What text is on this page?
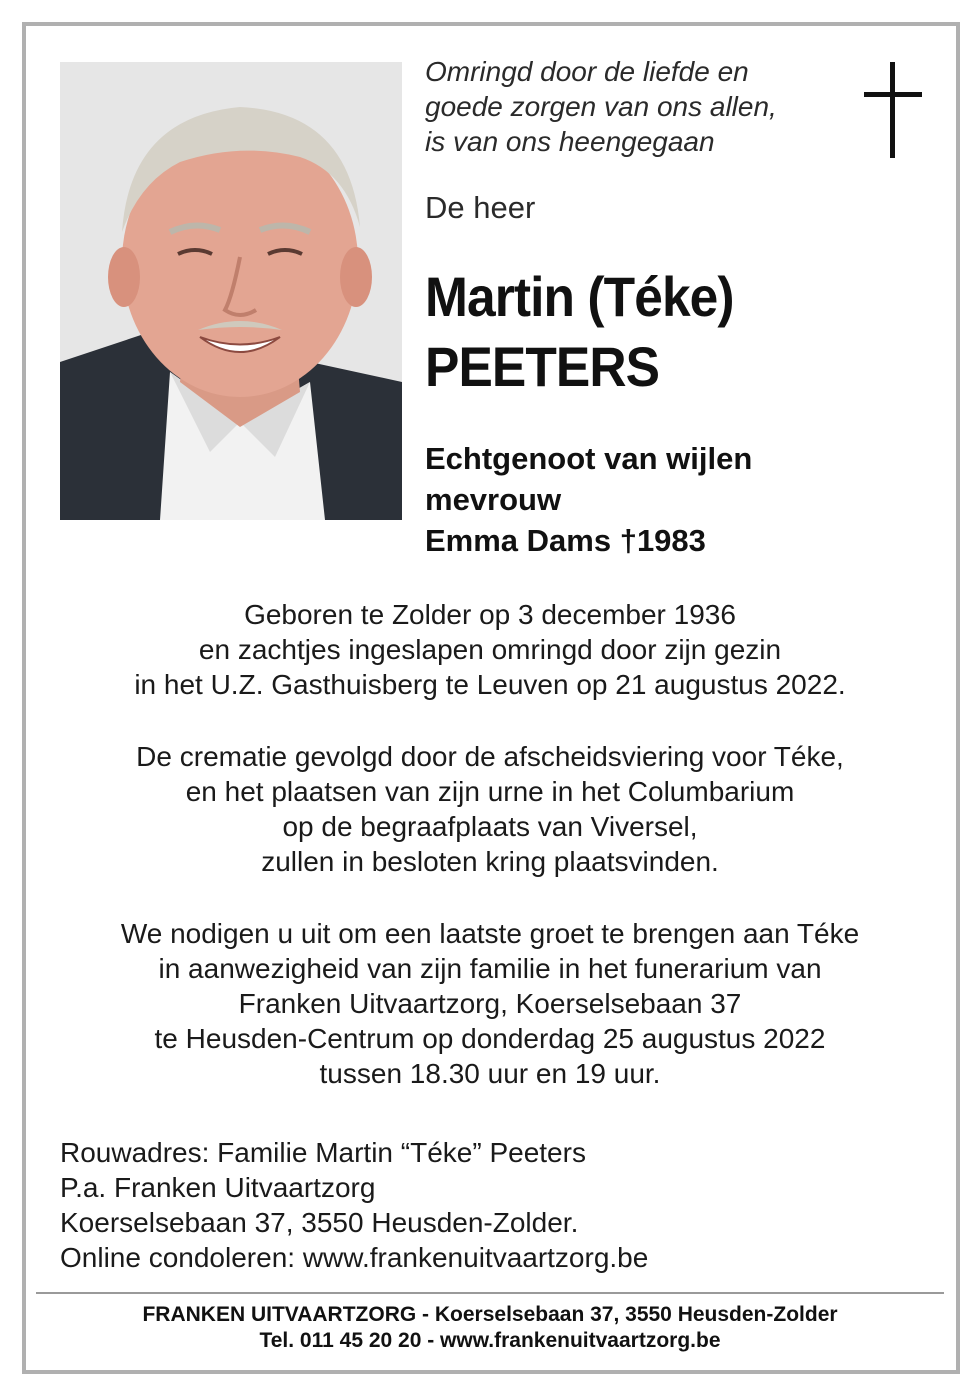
Omringd door de liefde en
goede zorgen van ons allen,
is van ons heengegaan
De heer
Martin (Téke)
PEETERS
Echtgenoot van wijlen
mevrouw
Emma Dams †1983
Geboren te Zolder op 3 december 1936
en zachtjes ingeslapen omringd door zijn gezin
in het U.Z. Gasthuisberg te Leuven op 21 augustus 2022.
De crematie gevolgd door de afscheidsviering voor Téke,
en het plaatsen van zijn urne in het Columbarium
op de begraafplaats van Viversel,
zullen in besloten kring plaatsvinden.
We nodigen u uit om een laatste groet te brengen aan Téke
in aanwezigheid van zijn familie in het funerarium van
Franken Uitvaartzorg, Koerselsebaan 37
te Heusden-Centrum op donderdag 25 augustus 2022
tussen 18.30 uur en 19 uur.
Rouwadres: Familie Martin “Téke” Peeters
P.a. Franken Uitvaartzorg
Koerselsebaan 37, 3550 Heusden-Zolder.
Online condoleren: www.frankenuitvaartzorg.be
FRANKEN UITVAARTZORG - Koerselsebaan 37, 3550 Heusden-Zolder
Tel. 011 45 20 20 - www.frankenuitvaartzorg.be
